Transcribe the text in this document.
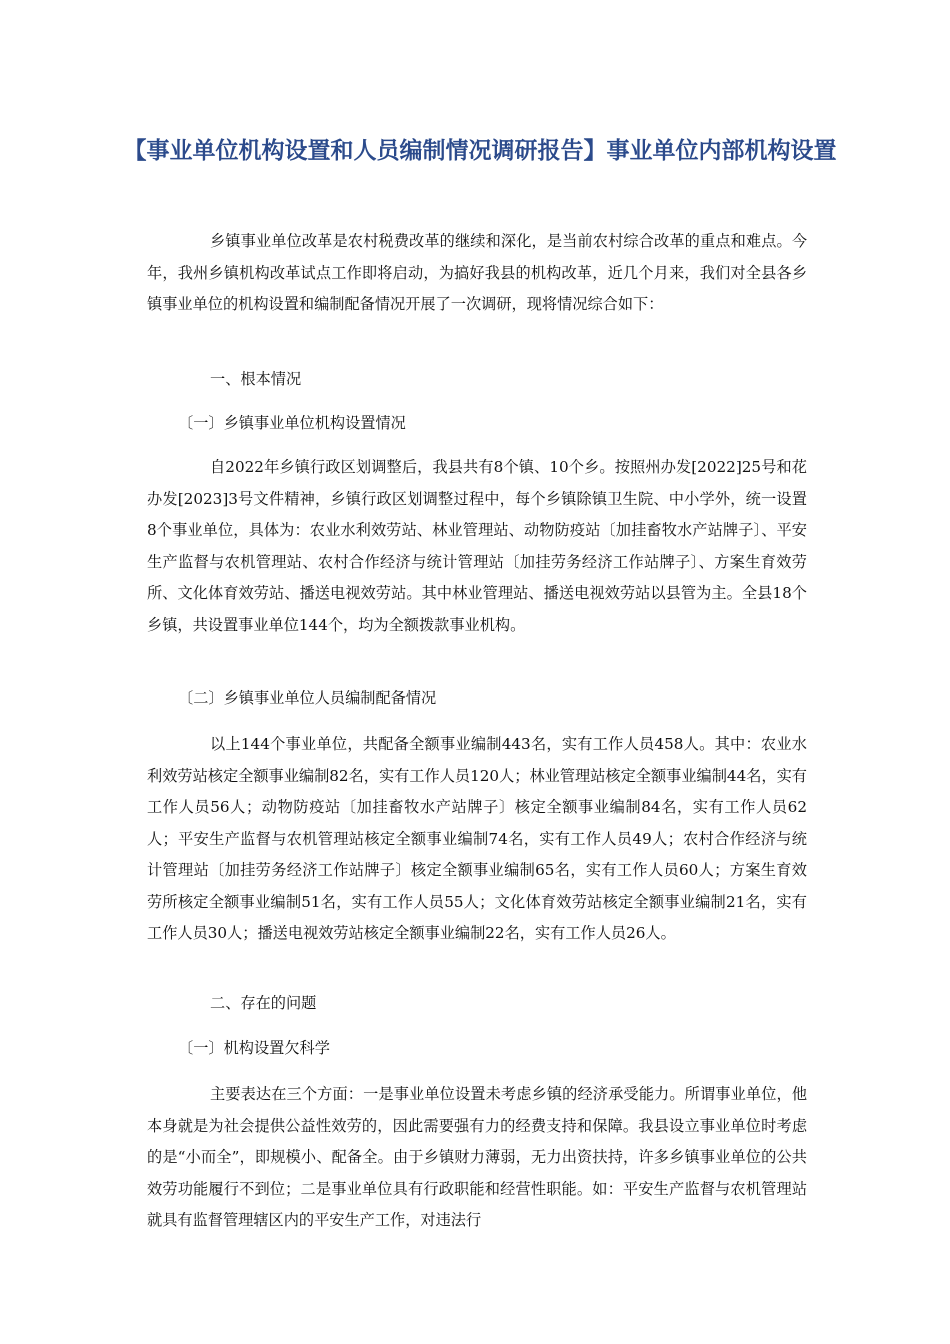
【事业单位机构设置和人员编制情况调研报告】事业单位内部机构设置

乡镇事业单位改革是农村税费改革的继续和深化，是当前农村综合改革的重点和难点。今年，我州乡镇机构改革试点工作即将启动，为搞好我县的机构改革，近几个月来，我们对全县各乡镇事业单位的机构设置和编制配备情况开展了一次调研，现将情况综合如下：

一、根本情况

〔一〕乡镇事业单位机构设置情况

自2022年乡镇行政区划调整后，我县共有8个镇、10个乡。按照州办发[2022]25号和花办发[2023]3号文件精神，乡镇行政区划调整过程中，每个乡镇除镇卫生院、中小学外，统一设置8个事业单位，具体为：农业水利效劳站、林业管理站、动物防疫站〔加挂畜牧水产站牌子〕、平安生产监督与农机管理站、农村合作经济与统计管理站〔加挂劳务经济工作站牌子〕、方案生育效劳所、文化体育效劳站、播送电视效劳站。其中林业管理站、播送电视效劳站以县管为主。全县18个乡镇，共设置事业单位144个，均为全额拨款事业机构。

〔二〕乡镇事业单位人员编制配备情况

以上144个事业单位，共配备全额事业编制443名，实有工作人员458人。其中：农业水利效劳站核定全额事业编制82名，实有工作人员120人；林业管理站核定全额事业编制44名，实有工作人员56人；动物防疫站〔加挂畜牧水产站牌子〕核定全额事业编制84名，实有工作人员62人；平安生产监督与农机管理站核定全额事业编制74名，实有工作人员49人；农村合作经济与统计管理站〔加挂劳务经济工作站牌子〕核定全额事业编制65名，实有工作人员60人；方案生育效劳所核定全额事业编制51名，实有工作人员55人；文化体育效劳站核定全额事业编制21名，实有工作人员30人；播送电视效劳站核定全额事业编制22名，实有工作人员26人。

二、存在的问题

〔一〕机构设置欠科学

主要表达在三个方面：一是事业单位设置未考虑乡镇的经济承受能力。所谓事业单位，他本身就是为社会提供公益性效劳的，因此需要强有力的经费支持和保障。我县设立事业单位时考虑的是“小而全”，即规模小、配备全。由于乡镇财力薄弱，无力出资扶持，许多乡镇事业单位的公共效劳功能履行不到位；二是事业单位具有行政职能和经营性职能。如：平安生产监督与农机管理站就具有监督管理辖区内的平安生产工作，对违法行
